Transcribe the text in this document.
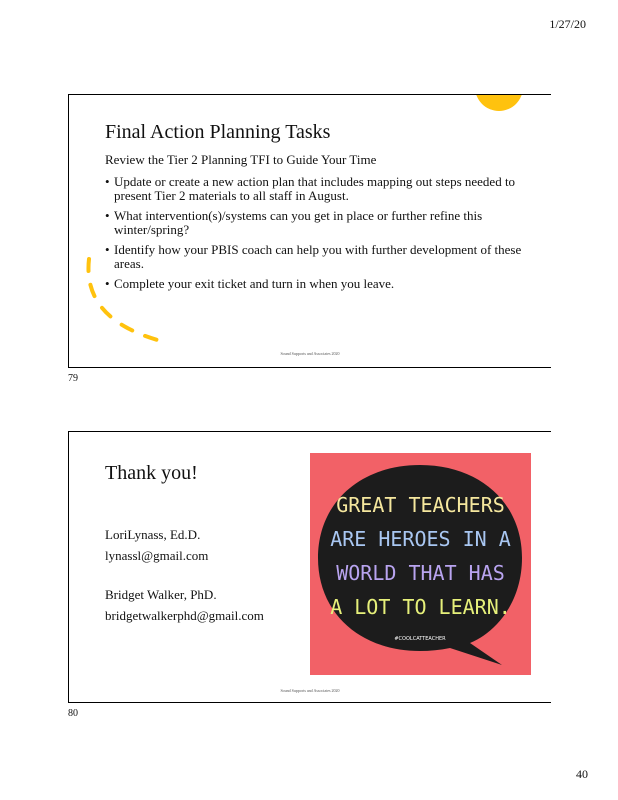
1/27/20
Final Action Planning Tasks
Review the Tier 2 Planning TFI to Guide Your Time
• Update or create a new action plan that includes mapping out steps needed to present Tier 2 materials to all staff in August.
• What intervention(s)/systems can you get in place or further refine this winter/spring?
• Identify how your PBIS coach can help you with further development of these areas.
• Complete your exit ticket and turn in when you leave.
Sound Supports and Associates 2020
79
Thank you!
LoriLynass, Ed.D.
lynassl@gmail.com
Bridget Walker, PhD.
bridgetwalkerphd@gmail.com
GREAT TEACHERS
ARE HEROES IN A
WORLD THAT HAS
A LOT TO LEARN.
#COOLCATTEACHER
Sound Supports and Associates 2020
80
40
